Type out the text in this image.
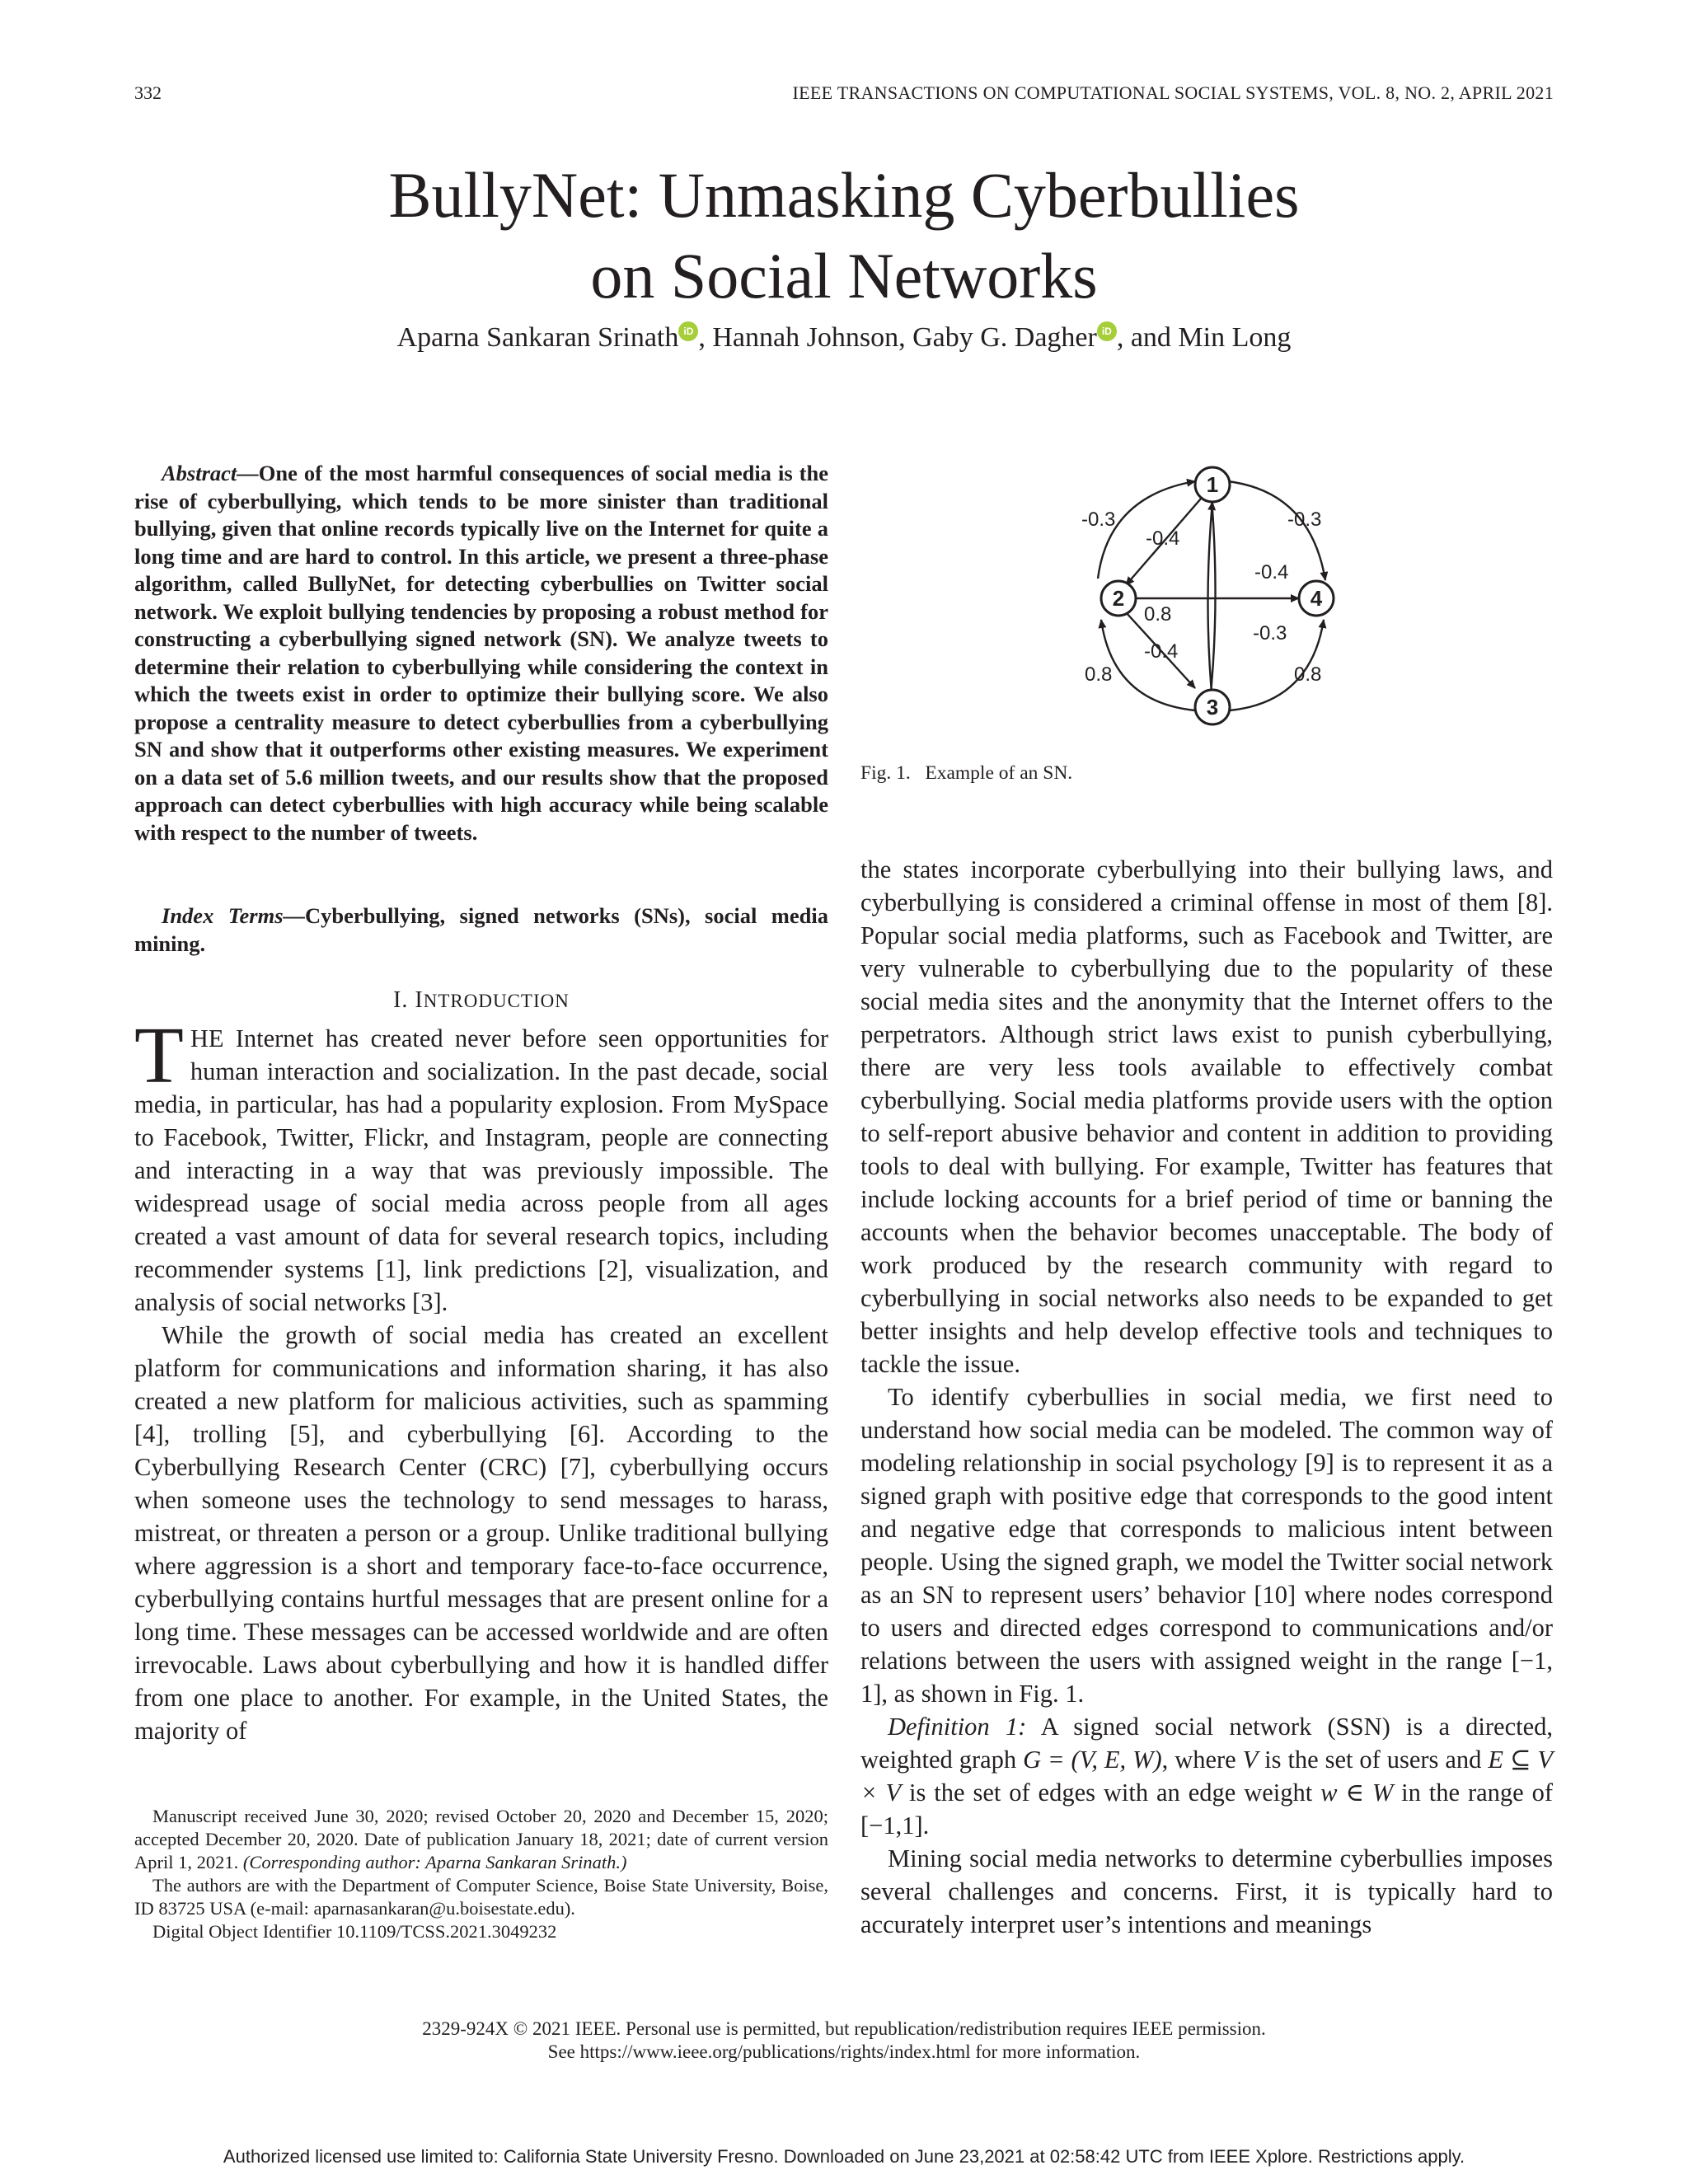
332	IEEE TRANSACTIONS ON COMPUTATIONAL SOCIAL SYSTEMS, VOL. 8, NO. 2, APRIL 2021
BullyNet: Unmasking Cyberbullies
on Social Networks
Aparna Sankaran Srinath iD , Hannah Johnson, Gaby G. Dagher iD , and Min Long
Abstract—One of the most harmful consequences of social media is the rise of cyberbullying, which tends to be more sinister than traditional bullying, given that online records typically live on the Internet for quite a long time and are hard to control. In this article, we present a three-phase algorithm, called BullyNet, for detecting cyberbullies on Twitter social network. We exploit bullying tendencies by proposing a robust method for constructing a cyberbullying signed network (SN). We analyze tweets to determine their relation to cyberbullying while considering the context in which the tweets exist in order to optimize their bullying score. We also propose a centrality measure to detect cyberbullies from a cyberbullying SN and show that it outperforms other existing measures. We experiment on a data set of 5.6 million tweets, and our results show that the proposed approach can detect cyberbullies with high accuracy while being scalable with respect to the number of tweets.
Index Terms—Cyberbullying, signed networks (SNs), social media mining.
I. INTRODUCTION

THE Internet has created never before seen opportunities for human interaction and socialization. In the past decade, social media, in particular, has had a popularity explosion. From MySpace to Facebook, Twitter, Flickr, and Instagram, people are connecting and interacting in a way that was previously impossible. The widespread usage of social media across people from all ages created a vast amount of data for several research topics, including recommender systems [1], link predictions [2], visualization, and analysis of social networks [3].

While the growth of social media has created an excellent platform for communications and information sharing, it has also created a new platform for malicious activities, such as spamming [4], trolling [5], and cyberbullying [6]. According to the Cyberbullying Research Center (CRC) [7], cyberbullying occurs when someone uses the technology to send messages to harass, mistreat, or threaten a person or a group. Unlike traditional bullying where aggression is a short and temporary face-to-face occurrence, cyberbullying contains hurtful messages that are present online for a long time. These messages can be accessed worldwide and are often irrevocable. Laws about cyberbullying and how it is handled differ from one place to another. For example, in the United States, the majority of

Manuscript received June 30, 2020; revised October 20, 2020 and December 15, 2020; accepted December 20, 2020. Date of publication January 18, 2021; date of current version April 1, 2021. (Corresponding author: Aparna Sankaran Srinath.)

The authors are with the Department of Computer Science, Boise State University, Boise, ID 83725 USA (e-mail: aparnasankaran@u.boisestate.edu).

Digital Object Identifier 10.1109/TCSS.2021.3049232

-0.3
-0.4
-0.3
0.8
-0.4
-0.3
-0.4
0.8	0.8
1
2
3
4
Fig. 1.   Example of an SN.

the states incorporate cyberbullying into their bullying laws, and cyberbullying is considered a criminal offense in most of them [8]. Popular social media platforms, such as Facebook and Twitter, are very vulnerable to cyberbullying due to the popularity of these social media sites and the anonymity that the Internet offers to the perpetrators. Although strict laws exist to punish cyberbullying, there are very less tools available to effectively combat cyberbullying. Social media platforms provide users with the option to self-report abusive behavior and content in addition to providing tools to deal with bullying. For example, Twitter has features that include locking accounts for a brief period of time or banning the accounts when the behavior becomes unacceptable. The body of work produced by the research community with regard to cyberbullying in social networks also needs to be expanded to get better insights and help develop effective tools and techniques to tackle the issue.

To identify cyberbullies in social media, we first need to understand how social media can be modeled. The common way of modeling relationship in social psychology [9] is to represent it as a signed graph with positive edge that corresponds to the good intent and negative edge that corresponds to malicious intent between people. Using the signed graph, we model the Twitter social network as an SN to represent users’ behavior [10] where nodes correspond to users and directed edges correspond to communications and/or relations between the users with assigned weight in the range [−1, 1], as shown in Fig. 1.

Definition 1: A signed social network (SSN) is a directed, weighted graph G = (V, E, W), where V is the set of users and E ⊆ V × V is the set of edges with an edge weight w ∈ W in the range of [−1,1].

Mining social media networks to determine cyberbullies imposes several challenges and concerns. First, it is typically hard to accurately interpret user’s intentions and meanings

2329-924X © 2021 IEEE. Personal use is permitted, but republication/redistribution requires IEEE permission.
See https://www.ieee.org/publications/rights/index.html for more information.
Authorized licensed use limited to: California State University Fresno. Downloaded on June 23,2021 at 02:58:42 UTC from IEEE Xplore. Restrictions apply.
